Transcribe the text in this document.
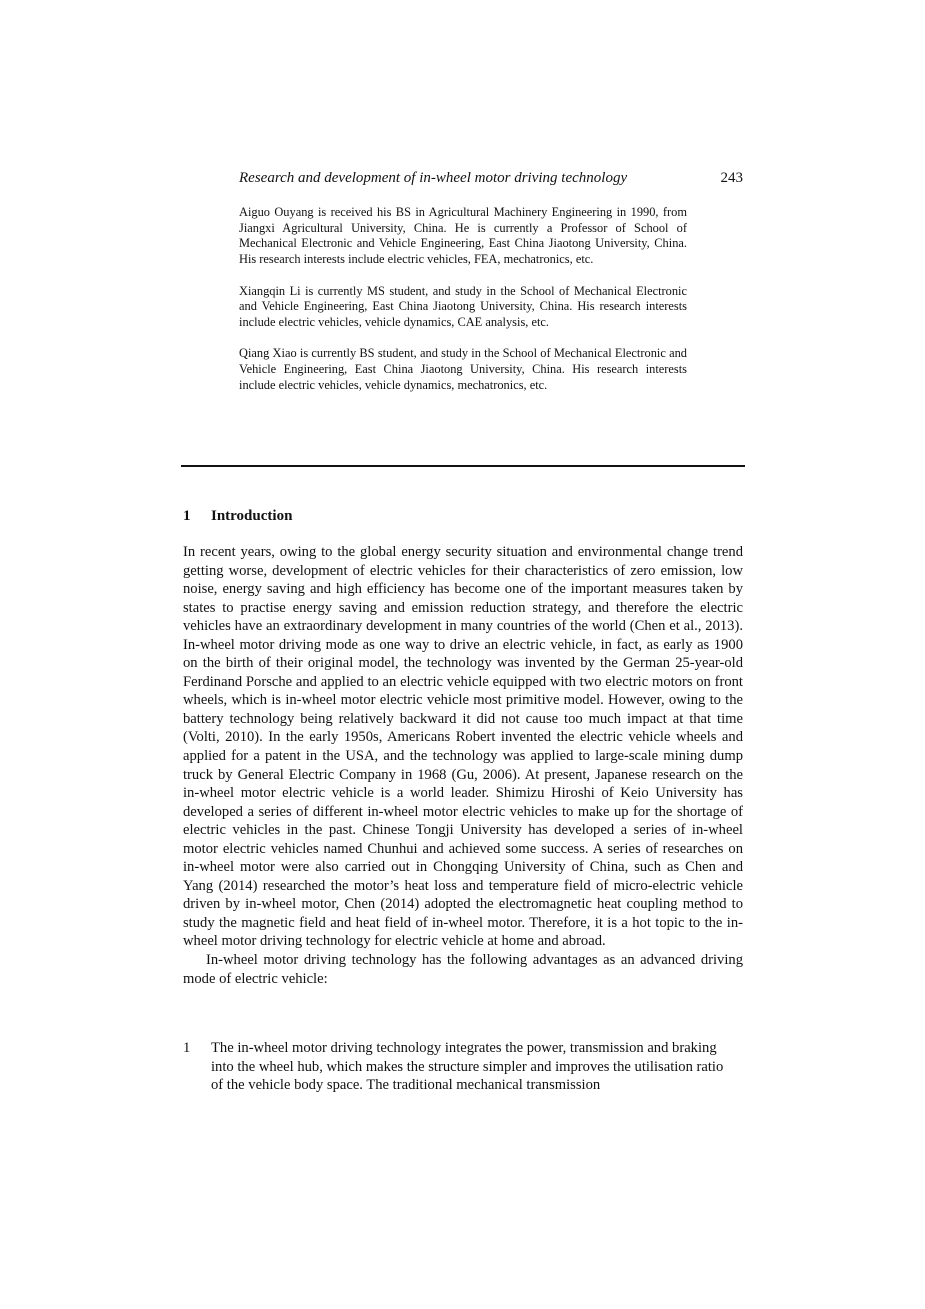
Research and development of in-wheel motor driving technology	243

Aiguo Ouyang is received his BS in Agricultural Machinery Engineering in 1990, from Jiangxi Agricultural University, China. He is currently a Professor of School of Mechanical Electronic and Vehicle Engineering, East China Jiaotong University, China. His research interests include electric vehicles, FEA, mechatronics, etc.

Xiangqin Li is currently MS student, and study in the School of Mechanical Electronic and Vehicle Engineering, East China Jiaotong University, China. His research interests include electric vehicles, vehicle dynamics, CAE analysis, etc.

Qiang Xiao is currently BS student, and study in the School of Mechanical Electronic and Vehicle Engineering, East China Jiaotong University, China. His research interests include electric vehicles, vehicle dynamics, mechatronics, etc.

1 Introduction

In recent years, owing to the global energy security situation and environmental change trend getting worse, development of electric vehicles for their characteristics of zero emission, low noise, energy saving and high efficiency has become one of the important measures taken by states to practise energy saving and emission reduction strategy, and therefore the electric vehicles have an extraordinary development in many countries of the world (Chen et al., 2013). In-wheel motor driving mode as one way to drive an electric vehicle, in fact, as early as 1900 on the birth of their original model, the technology was invented by the German 25-year-old Ferdinand Porsche and applied to an electric vehicle equipped with two electric motors on front wheels, which is in-wheel motor electric vehicle most primitive model. However, owing to the battery technology being relatively backward it did not cause too much impact at that time (Volti, 2010). In the early 1950s, Americans Robert invented the electric vehicle wheels and applied for a patent in the USA, and the technology was applied to large-scale mining dump truck by General Electric Company in 1968 (Gu, 2006). At present, Japanese research on the in-wheel motor electric vehicle is a world leader. Shimizu Hiroshi of Keio University has developed a series of different in-wheel motor electric vehicles to make up for the shortage of electric vehicles in the past. Chinese Tongji University has developed a series of in-wheel motor electric vehicles named Chunhui and achieved some success. A series of researches on in-wheel motor were also carried out in Chongqing University of China, such as Chen and Yang (2014) researched the motor’s heat loss and temperature field of micro-electric vehicle driven by in-wheel motor, Chen (2014) adopted the electromagnetic heat coupling method to study the magnetic field and heat field of in-wheel motor. Therefore, it is a hot topic to the in-wheel motor driving technology for electric vehicle at home and abroad.

In-wheel motor driving technology has the following advantages as an advanced driving mode of electric vehicle:

1 The in-wheel motor driving technology integrates the power, transmission and braking into the wheel hub, which makes the structure simpler and improves the utilisation ratio of the vehicle body space. The traditional mechanical transmission
